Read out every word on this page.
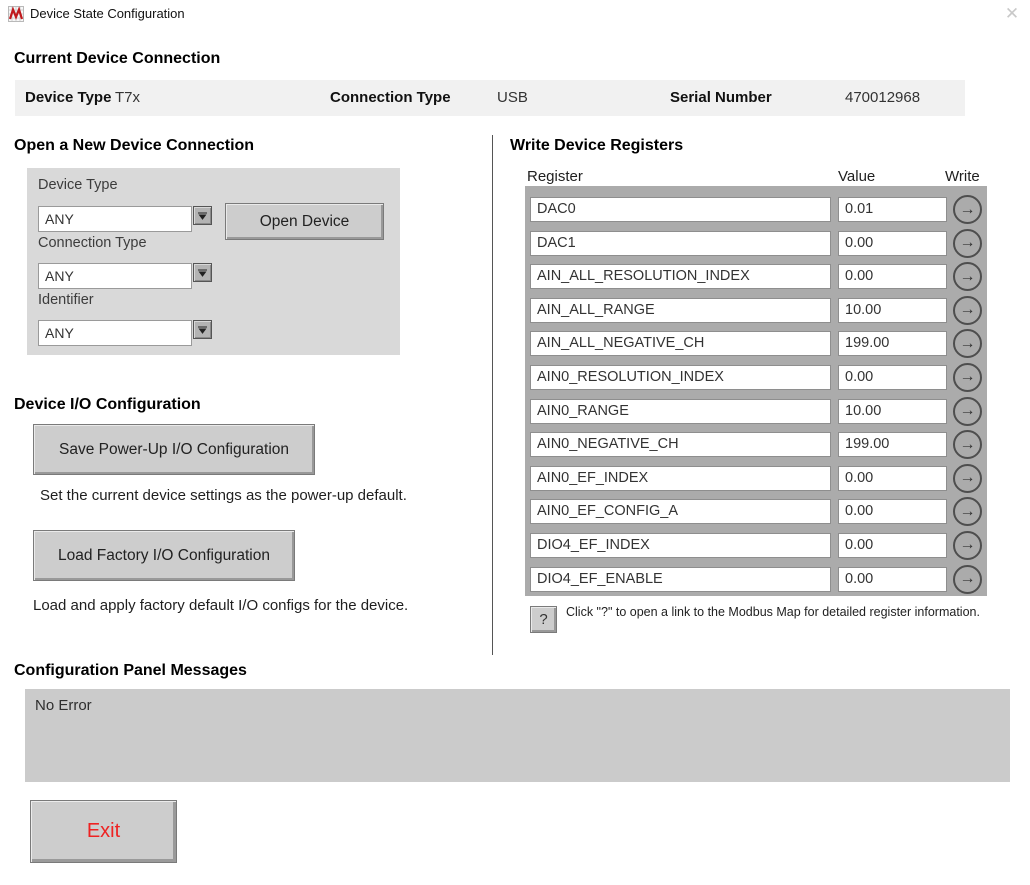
Device State Configuration	✕
Current Device Connection
Device Type T7x	Connection Type	USB	Serial Number	470012968
Open a New Device Connection
Device Type
ANY	Open Device
Connection Type
ANY
Identifier
ANY
Device I/O Configuration
Save Power-Up I/O Configuration
Set the current device settings as the power-up default.
Load Factory I/O Configuration
Load and apply factory default I/O configs for the device.
Write Device Registers
Register	Value	Write
DAC0	0.01	→
DAC1	0.00	→
AIN_ALL_RESOLUTION_INDEX	0.00	→
AIN_ALL_RANGE	10.00	→
AIN_ALL_NEGATIVE_CH	199.00	→
AIN0_RESOLUTION_INDEX	0.00	→
AIN0_RANGE	10.00	→
AIN0_NEGATIVE_CH	199.00	→
AIN0_EF_INDEX	0.00	→
AIN0_EF_CONFIG_A	0.00	→
DIO4_EF_INDEX	0.00	→
DIO4_EF_ENABLE	0.00	→
?	Click "?" to open a link to the Modbus Map for detailed register information.
Configuration Panel Messages
No Error
Exit
